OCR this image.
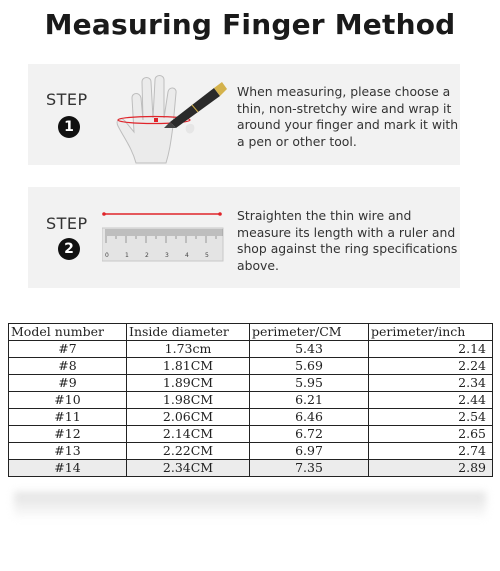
Measuring Finger Method
STEP
1
When measuring, please choose a thin, non-stretchy wire and wrap it around your finger and mark it with a pen or other tool.
STEP
2	0	1	2	3	4	5
Straighten the thin wire and measure its length with a ruler and shop against the ring specifications above.
Model number	Inside diameter	perimeter/CM	perimeter/inch
#7	1.73cm	5.43	2.14
#8	1.81CM	5.69	2.24
#9	1.89CM	5.95	2.34
#10	1.98CM	6.21	2.44
#11	2.06CM	6.46	2.54
#12	2.14CM	6.72	2.65
#13	2.22CM	6.97	2.74
#14	2.34CM	7.35	2.89
